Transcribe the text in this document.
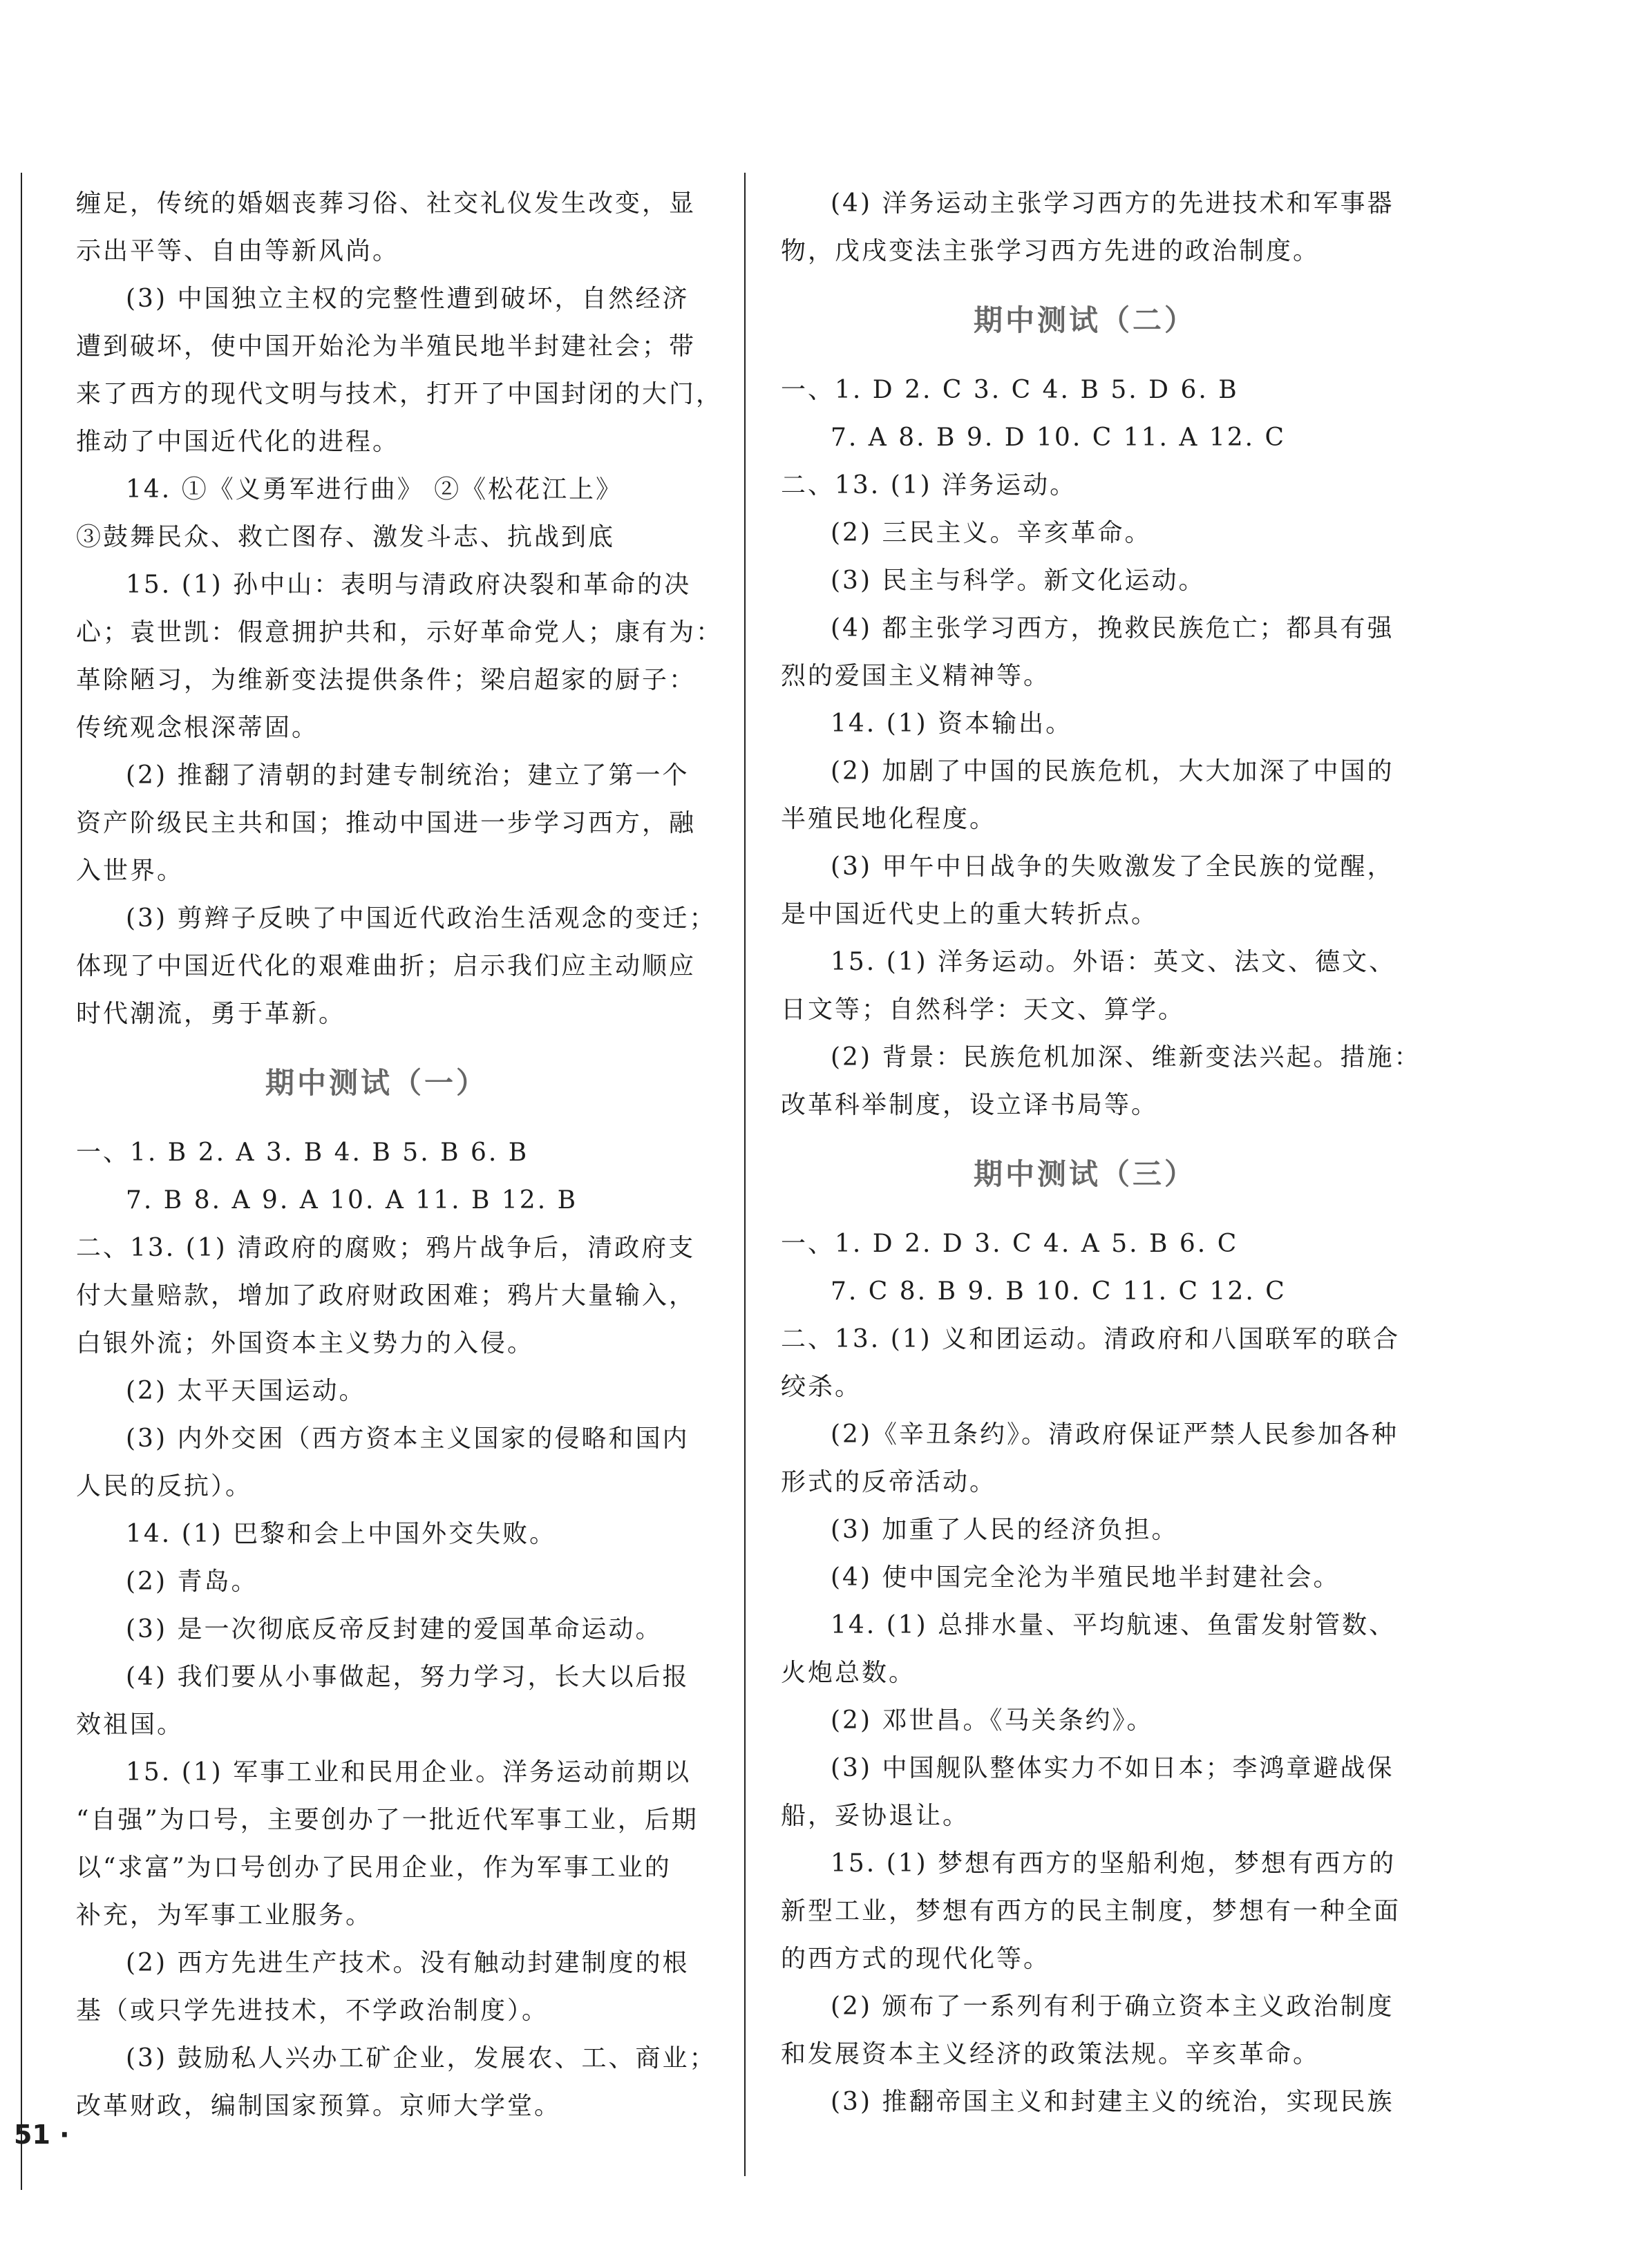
缠足，传统的婚姻丧葬习俗、社交礼仪发生改变，显
示出平等、自由等新风尚。
(3) 中国独立主权的完整性遭到破坏，自然经济
遭到破坏，使中国开始沦为半殖民地半封建社会；带
来了西方的现代文明与技术，打开了中国封闭的大门，
推动了中国近代化的进程。
14. ①《义勇军进行曲》 ②《松花江上》
③鼓舞民众、救亡图存、激发斗志、抗战到底
15. (1) 孙中山：表明与清政府决裂和革命的决
心；袁世凯：假意拥护共和，示好革命党人；康有为：
革除陋习，为维新变法提供条件；梁启超家的厨子：
传统观念根深蒂固。
(2) 推翻了清朝的封建专制统治；建立了第一个
资产阶级民主共和国；推动中国进一步学习西方，融
入世界。
(3) 剪辫子反映了中国近代政治生活观念的变迁；
体现了中国近代化的艰难曲折；启示我们应主动顺应
时代潮流，勇于革新。
期中测试（一）
一、1. B 2. A 3. B 4. B 5. B 6. B
7. B 8. A 9. A 10. A 11. B 12. B
二、13. (1) 清政府的腐败；鸦片战争后，清政府支
付大量赔款，增加了政府财政困难；鸦片大量输入，
白银外流；外国资本主义势力的入侵。
(2) 太平天国运动。
(3) 内外交困（西方资本主义国家的侵略和国内
人民的反抗）。
14. (1) 巴黎和会上中国外交失败。
(2) 青岛。
(3) 是一次彻底反帝反封建的爱国革命运动。
(4) 我们要从小事做起，努力学习，长大以后报
效祖国。
15. (1) 军事工业和民用企业。洋务运动前期以
“自强”为口号，主要创办了一批近代军事工业，后期
以“求富”为口号创办了民用企业，作为军事工业的
补充，为军事工业服务。
(2) 西方先进生产技术。没有触动封建制度的根
基（或只学先进技术，不学政治制度）。
(3) 鼓励私人兴办工矿企业，发展农、工、商业；
改革财政，编制国家预算。京师大学堂。
(4) 洋务运动主张学习西方的先进技术和军事器
物，戊戌变法主张学习西方先进的政治制度。
期中测试（二）
一、1. D 2. C 3. C 4. B 5. D 6. B
7. A 8. B 9. D 10. C 11. A 12. C
二、13. (1) 洋务运动。
(2) 三民主义。辛亥革命。
(3) 民主与科学。新文化运动。
(4) 都主张学习西方，挽救民族危亡；都具有强
烈的爱国主义精神等。
14. (1) 资本输出。
(2) 加剧了中国的民族危机，大大加深了中国的
半殖民地化程度。
(3) 甲午中日战争的失败激发了全民族的觉醒，
是中国近代史上的重大转折点。
15. (1) 洋务运动。外语：英文、法文、德文、
日文等；自然科学：天文、算学。
(2) 背景：民族危机加深、维新变法兴起。措施：
改革科举制度，设立译书局等。
期中测试（三）
一、1. D 2. D 3. C 4. A 5. B 6. C
7. C 8. B 9. B 10. C 11. C 12. C
二、13. (1) 义和团运动。清政府和八国联军的联合
绞杀。
(2)《辛丑条约》。清政府保证严禁人民参加各种
形式的反帝活动。
(3) 加重了人民的经济负担。
(4) 使中国完全沦为半殖民地半封建社会。
14. (1) 总排水量、平均航速、鱼雷发射管数、
火炮总数。
(2) 邓世昌。《马关条约》。
(3) 中国舰队整体实力不如日本；李鸿章避战保
船，妥协退让。
15. (1) 梦想有西方的坚船利炮，梦想有西方的
新型工业，梦想有西方的民主制度，梦想有一种全面
的西方式的现代化等。
(2) 颁布了一系列有利于确立资本主义政治制度
和发展资本主义经济的政策法规。辛亥革命。
(3) 推翻帝国主义和封建主义的统治，实现民族
51 ·
